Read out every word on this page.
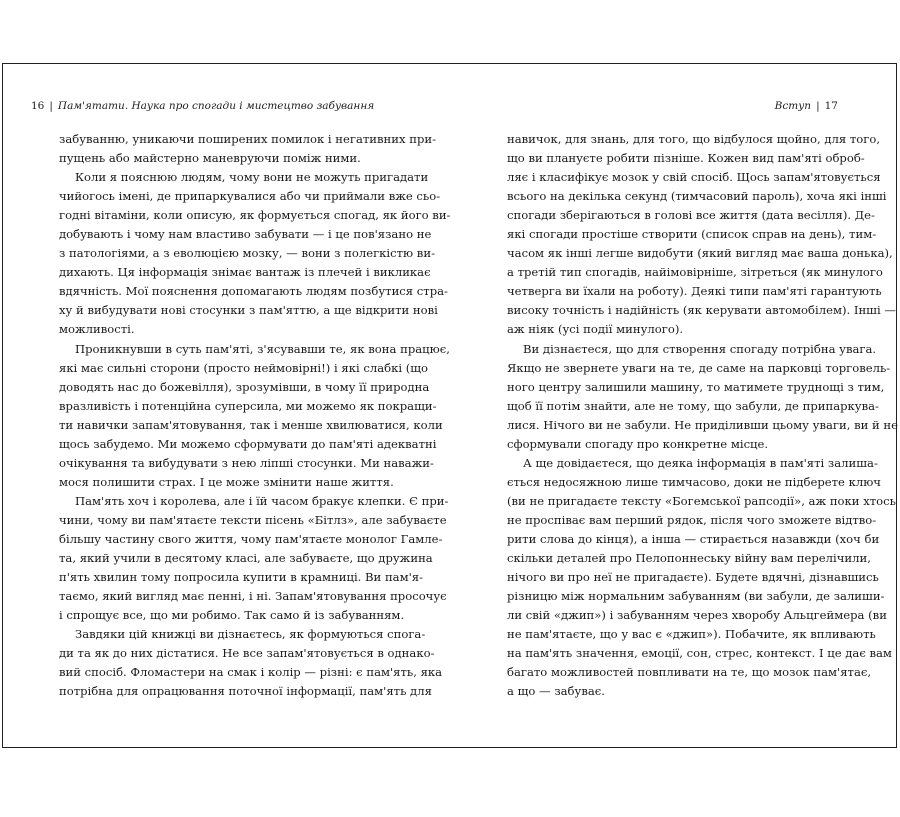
16 | Пам'ятати. Наука про спогади і мистецтво забування
забуванню, уникаючи поширених помилок і негативних при-
пущень або майстерно маневруючи поміж ними.
Коли я пояснюю людям, чому вони не можуть пригадати
чийогось імені, де припаркувалися або чи приймали вже сьо-
годні вітаміни, коли описую, як формується спогад, як його ви-
добувають і чому нам властиво забувати — і це пов'язано не
з патологіями, а з еволюцією мозку, — вони з полегкістю ви-
дихають. Ця інформація знімає вантаж із плечей і викликає
вдячність. Мої пояснення допомагають людям позбутися стра-
ху й вибудувати нові стосунки з пам'яттю, а ще відкрити нові
можливості.
Проникнувши в суть пам'яті, з'ясувавши те, як вона працює,
які має сильні сторони (просто неймовірні!) і які слабкі (що
доводять нас до божевілля), зрозумівши, в чому її природна
вразливість і потенційна суперсила, ми можемо як покращи-
ти навички запам'ятовування, так і менше хвилюватися, коли
щось забудемо. Ми можемо сформувати до пам'яті адекватні
очікування та вибудувати з нею ліпші стосунки. Ми наважи-
мося полишити страх. І це може змінити наше життя.
Пам'ять хоч і королева, але і їй часом бракує клепки. Є при-
чини, чому ви пам'ятаєте тексти пісень «Бітлз», але забуваєте
більшу частину свого життя, чому пам'ятаєте монолог Гамле-
та, який учили в десятому класі, але забуваєте, що дружина
п'ять хвилин тому попросила купити в крамниці. Ви пам'я-
таємо, який вигляд має пенні, і ні. Запам'ятовування просочує
і спрощує все, що ми робимо. Так само й із забуванням.
Завдяки цій книжці ви дізнаєтесь, як формуються спога-
ди та як до них дістатися. Не все запам'ятовується в однако-
вий спосіб. Фломастери на смак і колір — різні: є пам'ять, яка
потрібна для опрацювання поточної інформації, пам'ять для
Вступ | 17
навичок, для знань, для того, що відбулося щойно, для того,
що ви плануєте робити пізніше. Кожен вид пам'яті оброб-
ляє і класифікує мозок у свій спосіб. Щось запам'ятовується
всього на декілька секунд (тимчасовий пароль), хоча які інші
спогади зберігаються в голові все життя (дата весілля). Де-
які спогади простіше створити (список справ на день), тим-
часом як інші легше видобути (який вигляд має ваша донька),
а третій тип спогадів, найімовірніше, зітреться (як минулого
четверга ви їхали на роботу). Деякі типи пам'яті гарантують
високу точність і надійність (як керувати автомобілем). Інші —
аж ніяк (усі події минулого).
Ви дізнаєтеся, що для створення спогаду потрібна увага.
Якщо не звернете уваги на те, де саме на парковці торговель-
ного центру залишили машину, то матимете труднощі з тим,
щоб її потім знайти, але не тому, що забули, де припаркува-
лися. Нічого ви не забули. Не приділивши цьому уваги, ви й не
сформували спогаду про конкретне місце.
А ще довідаєтеся, що деяка інформація в пам'яті залиша-
ється недосяжною лише тимчасово, доки не підберете ключ
(ви не пригадаєте тексту «Богемської рапсодії», аж поки хтось
не проспіває вам перший рядок, після чого зможете відтво-
рити слова до кінця), а інша — стирається назавжди (хоч би
скільки деталей про Пелопоннеську війну вам перелічили,
нічого ви про неї не пригадаєте). Будете вдячні, дізнавшись
різницю між нормальним забуванням (ви забули, де залиши-
ли свій «джип») і забуванням через хворобу Альцгеймера (ви
не пам'ятаєте, що у вас є «джип»). Побачите, як впливають
на пам'ять значення, емоції, сон, стрес, контекст. І це дає вам
багато можливостей повпливати на те, що мозок пам'ятає,
а що — забуває.
